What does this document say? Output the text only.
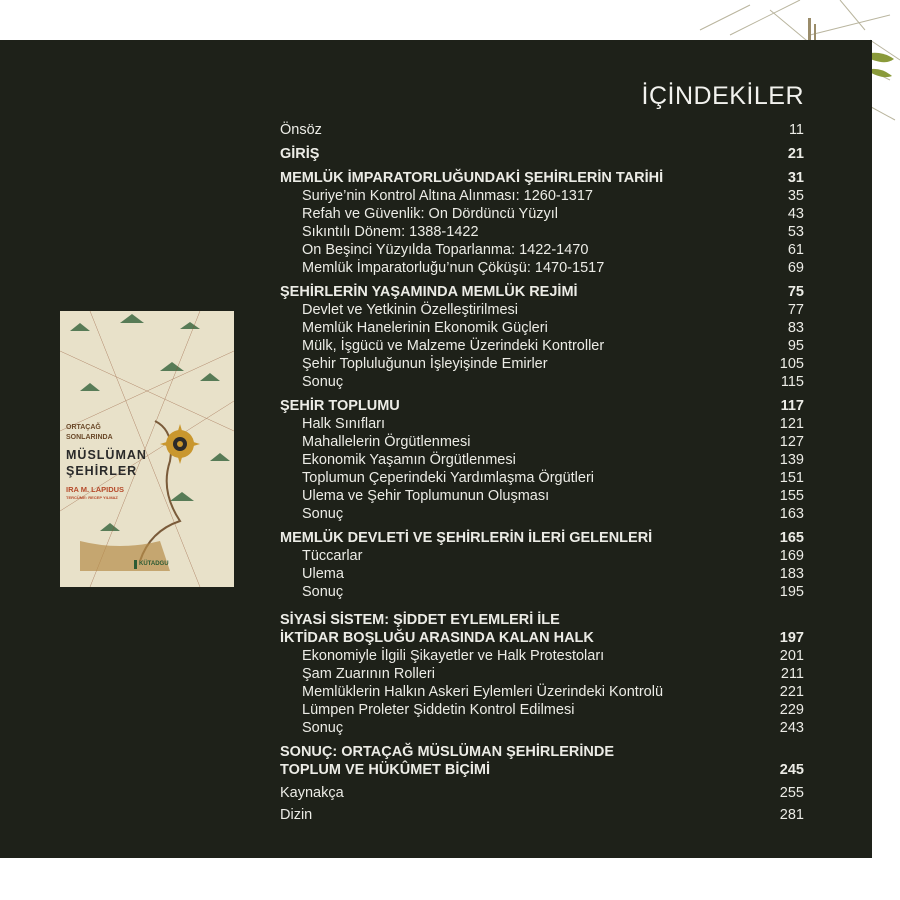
ORTAÇAĞ
SONLARINDA
MÜSLÜMAN
ŞEHİRLER
IRA M. LAPIDUS
TERCÜME: RECEP YILMAZ
KÜTADGU
İÇİNDEKİLER
Önsöz	11
GİRİŞ	21
MEMLÜK İMPARATORLUĞUNDAKİ ŞEHİRLERİN TARİHİ	31
Suriye’nin Kontrol Altına Alınması: 1260-1317	35
Refah ve Güvenlik: On Dördüncü Yüzyıl	43
Sıkıntılı Dönem: 1388-1422	53
On Beşinci Yüzyılda Toparlanma: 1422-1470	61
Memlük İmparatorluğu’nun Çöküşü: 1470-1517	69
ŞEHİRLERİN YAŞAMINDA MEMLÜK REJİMİ	75
Devlet ve Yetkinin Özelleştirilmesi	77
Memlük Hanelerinin Ekonomik Güçleri	83
Mülk, İşgücü ve Malzeme Üzerindeki Kontroller	95
Şehir Topluluğunun İşleyişinde Emirler	105
Sonuç	115
ŞEHİR TOPLUMU	117
Halk Sınıfları	121
Mahallelerin Örgütlenmesi	127
Ekonomik Yaşamın Örgütlenmesi	139
Toplumun Çeperindeki Yardımlaşma Örgütleri	151
Ulema ve Şehir Toplumunun Oluşması	155
Sonuç	163
MEMLÜK DEVLETİ VE ŞEHİRLERİN İLERİ GELENLERİ	165
Tüccarlar	169
Ulema	183
Sonuç	195
SİYASİ SİSTEM: ŞİDDET EYLEMLERİ İLE
İKTİDAR BOŞLUĞU ARASINDA KALAN HALK	197
Ekonomiyle İlgili Şikayetler ve Halk Protestoları	201
Şam Zuarının Rolleri	211
Memlüklerin Halkın Askeri Eylemleri Üzerindeki Kontrolü	221
Lümpen Proleter Şiddetin Kontrol Edilmesi	229
Sonuç	243
SONUÇ: ORTAÇAĞ MÜSLÜMAN ŞEHİRLERİNDE
TOPLUM VE HÜKÛMET BİÇİMİ	245
Kaynakça	255
Dizin	281
